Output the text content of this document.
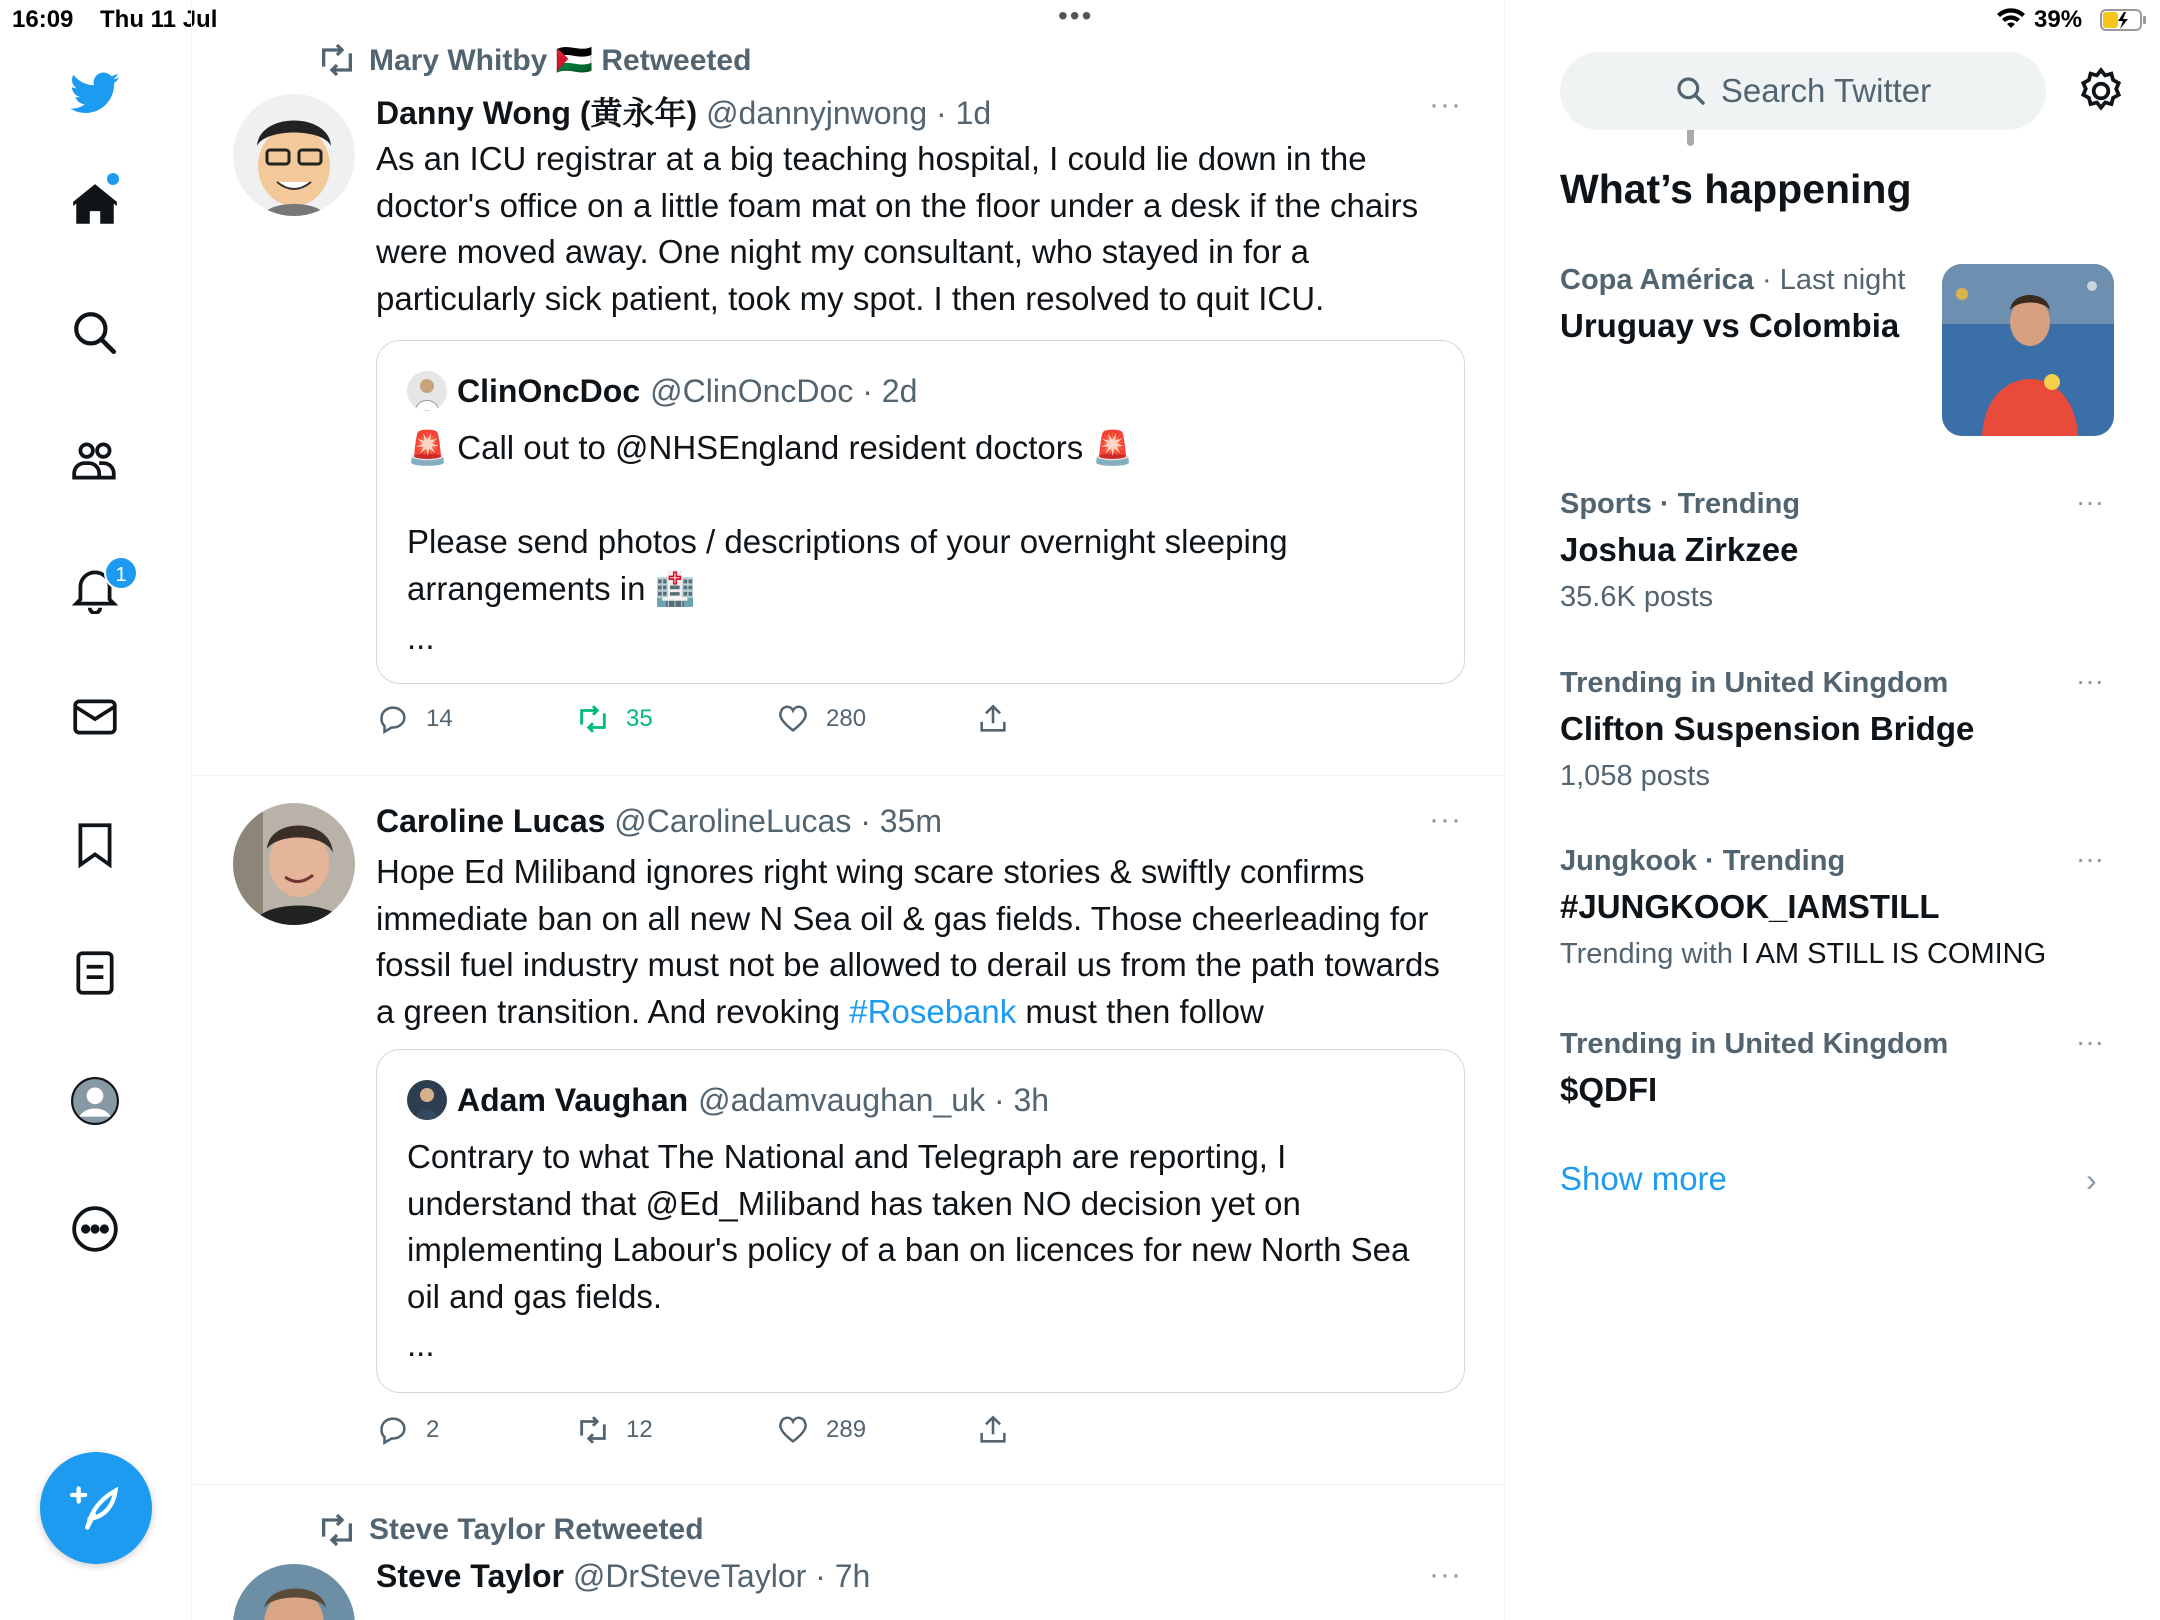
16:09 Thu 11 Jul	•••	39%
1
Mary Whitby 🇵🇸 Retweeted
Danny Wong (黄永年) @dannyjnwong · 1d	···
As an ICU registrar at a big teaching hospital, I could lie down in the doctor's office on a little foam mat on the floor under a desk if the chairs were moved away. One night my consultant, who stayed in for a particularly sick patient, took my spot. I then resolved to quit ICU.
ClinOncDoc @ClinOncDoc · 2d
🚨 Call out to @NHSEngland resident doctors 🚨
Please send photos / descriptions of your overnight sleeping arrangements in 🏥
...
14	35	280
Caroline Lucas @CarolineLucas · 35m	···
Hope Ed Miliband ignores right wing scare stories & swiftly confirms immediate ban on all new N Sea oil & gas fields. Those cheerleading for fossil fuel industry must not be allowed to derail us from the path towards a green transition. And revoking #Rosebank must then follow
Adam Vaughan @adamvaughan_uk · 3h
Contrary to what The National and Telegraph are reporting, I understand that @Ed_Miliband has taken NO decision yet on implementing Labour's policy of a ban on licences for new North Sea oil and gas fields.
...
2	12	289
Steve Taylor Retweeted
Steve Taylor @DrSteveTaylor · 7h	···
Search Twitter
What’s happening
Copa América · Last night
Uruguay vs Colombia
Sports · Trending
Joshua Zirkzee
35.6K posts
···
Trending in United Kingdom
Clifton Suspension Bridge
1,058 posts
···
Jungkook · Trending
#JUNGKOOK_IAMSTILL
Trending with I AM STILL IS COMING
···
Trending in United Kingdom
$QDFI
···
Show more	›
